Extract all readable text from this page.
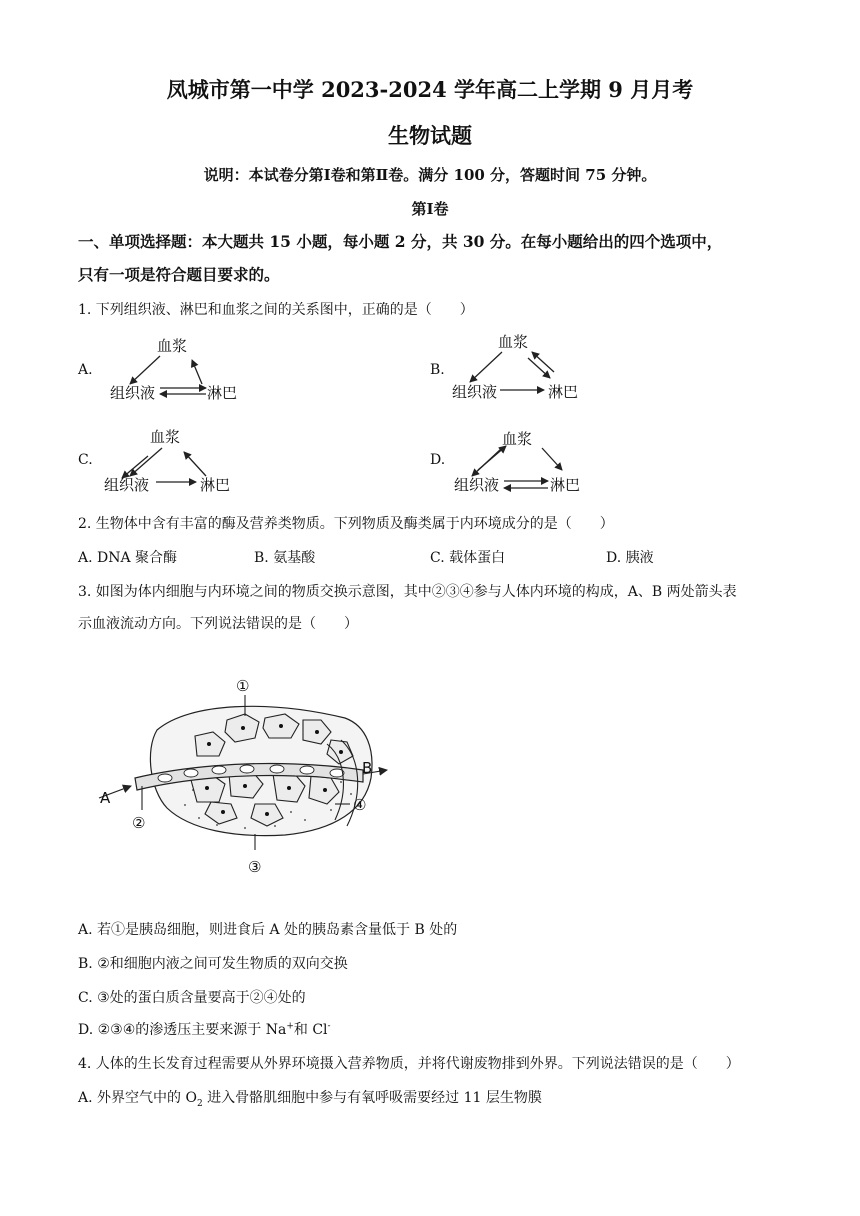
凤城市第一中学 2023-2024 学年高二上学期 9 月月考
生物试题
说明：本试卷分第Ⅰ卷和第Ⅱ卷。满分 100 分，答题时间 75 分钟。
第Ⅰ卷
一、单项选择题：本大题共 15 小题，每小题 2 分，共 30 分。在每小题给出的四个选项中，
只有一项是符合题目要求的。
1. 下列组织液、淋巴和血浆之间的关系图中，正确的是（　　）
A.
血浆
组织液	淋巴
B.
血浆
组织液	淋巴
C.
血浆
组织液	淋巴
D.
血浆
组织液	淋巴
2. 生物体中含有丰富的酶及营养类物质。下列物质及酶类属于内环境成分的是（　　）
A. DNA 聚合酶	B. 氨基酸	C. 载体蛋白	D. 胰液
3. 如图为体内细胞与内环境之间的物质交换示意图，其中②③④参与人体内环境的构成，A、B 两处箭头表
示血液流动方向。下列说法错误的是（　　）
①
②
③
④
A
B
A. 若①是胰岛细胞，则进食后 A 处的胰岛素含量低于 B 处的
B. ②和细胞内液之间可发生物质的双向交换
C. ③处的蛋白质含量要高于②④处的
D. ②③④的渗透压主要来源于 Na+和 Cl-
4. 人体的生长发育过程需要从外界环境摄入营养物质，并将代谢废物排到外界。下列说法错误的是（　　）
A. 外界空气中的 $O_2$ 进入骨骼肌细胞中参与有氧呼吸需要经过 11 层生物膜
